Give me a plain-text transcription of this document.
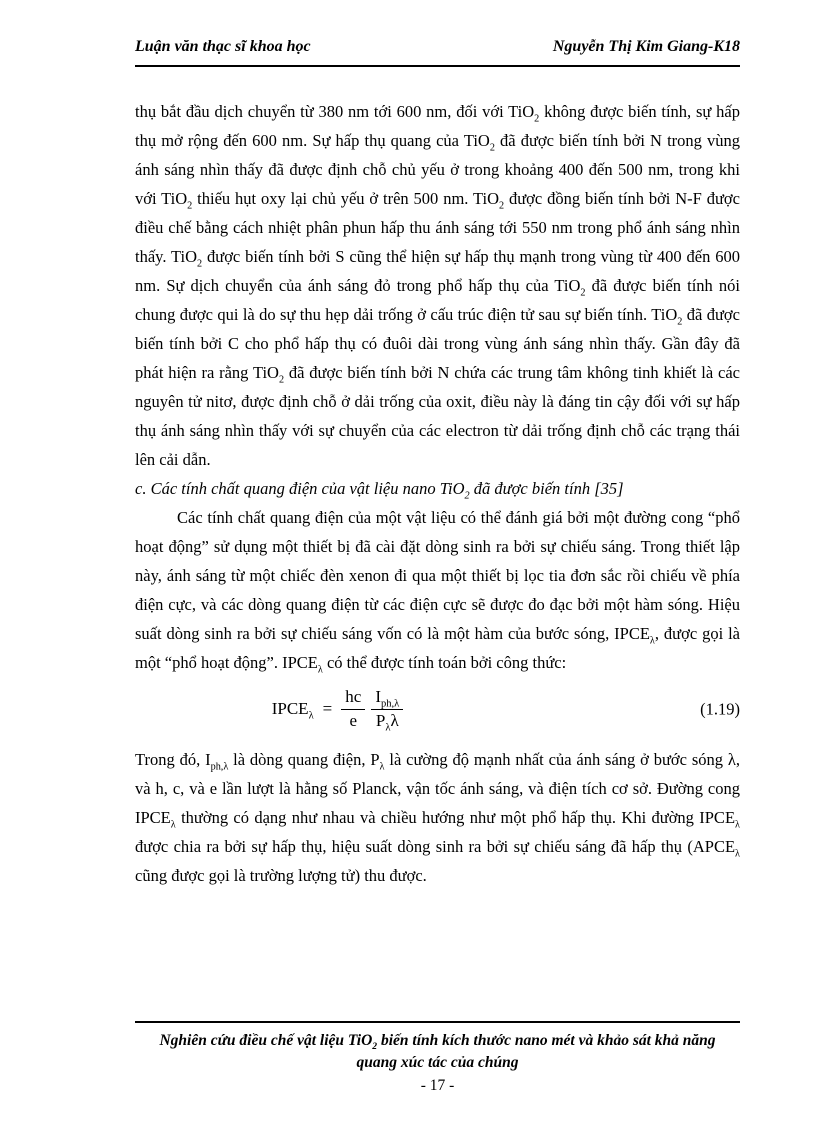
Luận văn thạc sĩ khoa học	Nguyễn Thị Kim Giang-K18

thụ bắt đầu dịch chuyển từ 380 nm tới 600 nm, đối với TiO$_2$ không được biến tính, sự hấp thụ mở rộng đến 600 nm. Sự hấp thụ quang của TiO$_2$ đã được biến tính bởi N trong vùng ánh sáng nhìn thấy đã được định chỗ chủ yếu ở trong khoảng 400 đến 500 nm, trong khi với TiO$_2$ thiếu hụt oxy lại chủ yếu ở trên 500 nm. TiO$_2$ được đồng biến tính bởi N-F được điều chế bằng cách nhiệt phân phun hấp thu ánh sáng tới 550 nm trong phổ ánh sáng nhìn thấy. TiO$_2$ được biến tính bởi S cũng thể hiện sự hấp thụ mạnh trong vùng từ 400 đến 600 nm. Sự dịch chuyển của ánh sáng đỏ trong phổ hấp thụ của TiO$_2$ đã được biến tính nói chung được qui là do sự thu hẹp dải trống ở cấu trúc điện tử sau sự biến tính. TiO$_2$ đã được biến tính bởi C cho phổ hấp thụ có đuôi dài trong vùng ánh sáng nhìn thấy. Gần đây đã phát hiện ra rằng TiO$_2$ đã được biến tính bởi N chứa các trung tâm không tinh khiết là các nguyên tử nitơ, được định chỗ ở dải trống của oxit, điều này là đáng tin cậy đối với sự hấp thụ ánh sáng nhìn thấy với sự chuyển của các electron từ dải trống định chỗ các trạng thái lên cải dẫn.

c. Các tính chất quang điện của vật liệu nano TiO$_2$ đã được biến tính [35]

Các tính chất quang điện của một vật liệu có thể đánh giá bởi một đường cong “phổ hoạt động” sử dụng một thiết bị đã cài đặt dòng sinh ra bởi sự chiếu sáng. Trong thiết lập này, ánh sáng từ một chiếc đèn xenon đi qua một thiết bị lọc tia đơn sắc rồi chiếu về phía điện cực, và các dòng quang điện từ các điện cực sẽ được đo đạc bởi một hàm sóng. Hiệu suất dòng sinh ra bởi sự chiếu sáng vốn có là một hàm của bước sóng, $IPCE_\lambda$, được gọi là một “phổ hoạt động”. $IPCE_\lambda$ có thể được tính toán bởi công thức:

$IPCE_\lambda = \frac{hc}{e} \frac{I_{ph,\lambda}}{P_\lambda\lambda}$	(1.19)

Trong đó, $I_{ph,\lambda}$ là dòng quang điện, $P_\lambda$ là cường độ mạnh nhất của ánh sáng ở bước sóng λ, và h, c, và e lần lượt là hằng số Planck, vận tốc ánh sáng, và điện tích cơ sở. Đường cong $IPCE_\lambda$ thường có dạng như nhau và chiều hướng như một phổ hấp thụ. Khi đường $IPCE_\lambda$ được chia ra bởi sự hấp thụ, hiệu suất dòng sinh ra bởi sự chiếu sáng đã hấp thụ ($APCE_\lambda$ cũng được gọi là trường lượng tử) thu được.

Nghiên cứu điều chế vật liệu TiO$_2$ biến tính kích thước nano mét và khảo sát khả năng quang xúc tác của chúng
- 17 -
